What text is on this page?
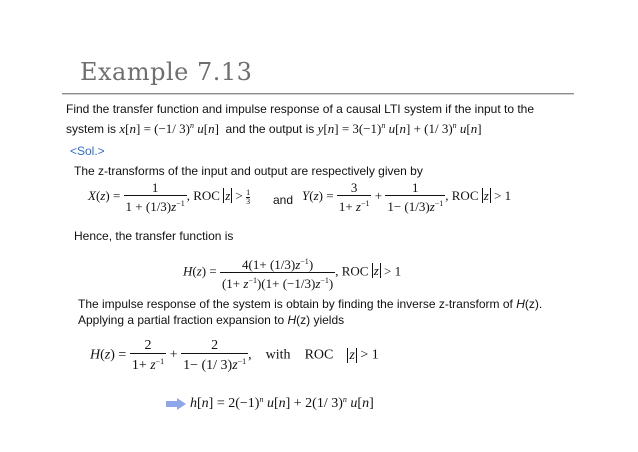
Example 7.13
Find the transfer function and impulse response of a causal LTI system if the input to the
system is x[n] = (−1/ 3)$^n$ u[n]  and the output is $y[n] = 3(-1)^n$ u[n] + (1/ 3)$^n$ u[n]
<Sol.>
The z-transforms of the input and output are respectively given by
$X(z) = \frac{1}{1 + (1/3)z^{-1}}$ , ROC $z > \frac{1}{3}$ and $Y(z) = \frac{3}{1+ z^{-1}} + \frac{1}{1- (1/3)z^{-1}}$ , ROC z > 1
Hence, the transfer function is
$H(z) = \frac{4(1+ (1/3)z^{-1})}{(1+ z^{-1})(1+ (-1/3)z^{-1})}$ , ROC z > 1
The impulse response of the system is obtain by finding the inverse z-transform of H(z).
Applying a partial fraction expansion to H(z) yields
$H(z) = \frac{2}{1+ z^{-1}} + \frac{2}{1- (1/ 3)z^{-1}}$ ,    with ROC z > 1
$h[n] = 2(-1)^n$ u[n] + 2(1/ 3)$^n$ u[n]
